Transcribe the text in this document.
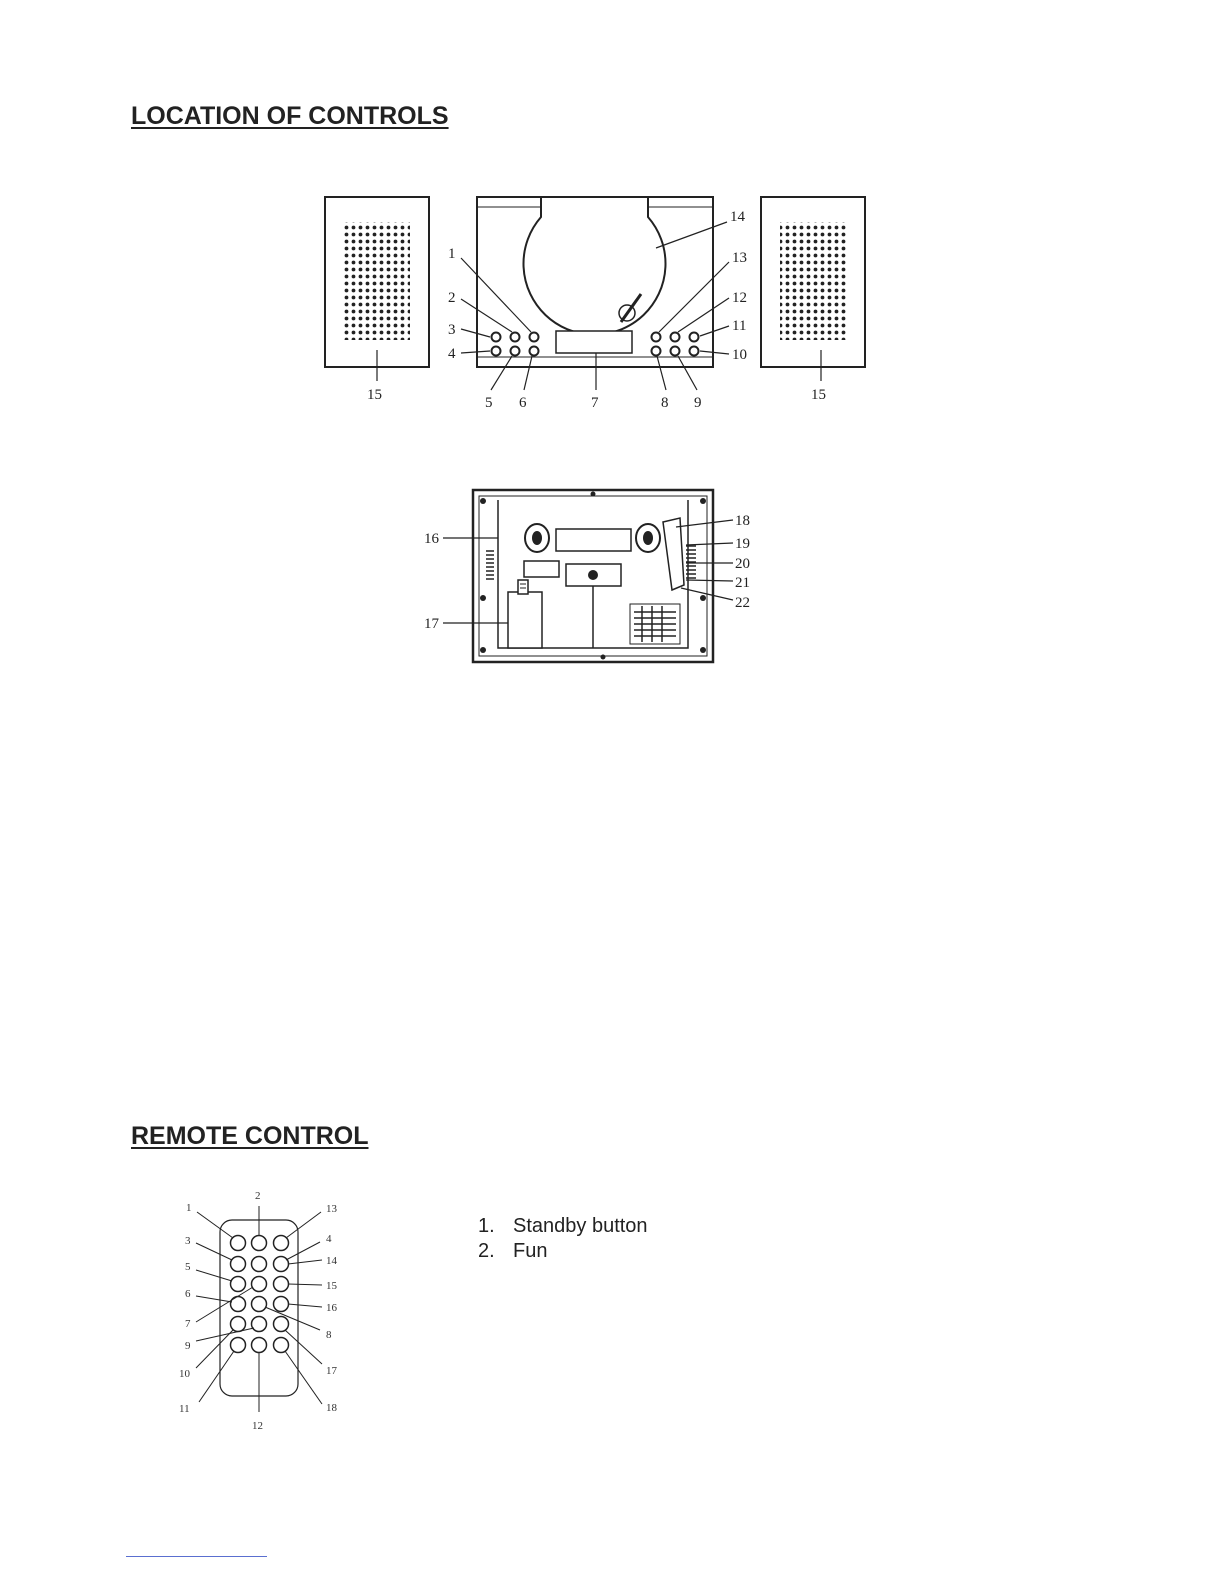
LOCATION OF CONTROLS
1
2
3
4
5 6	7	8 9
10
11
12
13
14
15	15
16
17
18
19
20
21
22
1
2
13
3	4
14
5
15
6
16
7
8
9
17
10
11	18
12
REMOTE CONTROL
1. Standby button
2. Fun
